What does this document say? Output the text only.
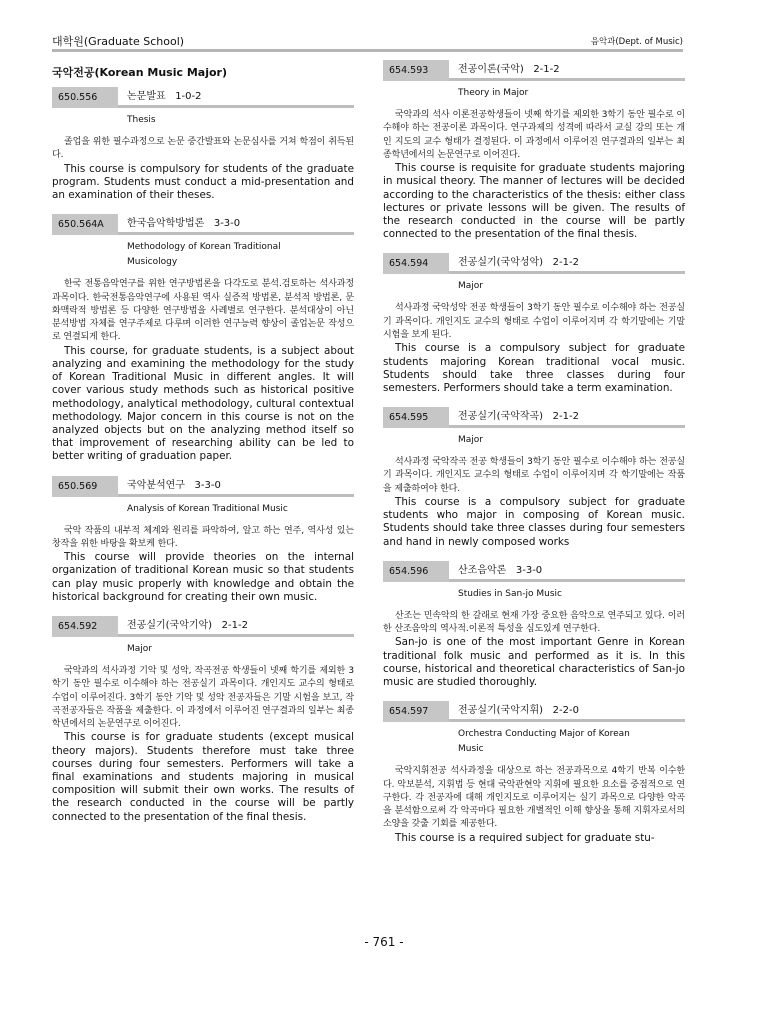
대학원(Graduate School)	음악과(Dept. of Music)
국악전공(Korean Music Major)
650.556	논문발표 1-0-2
Thesis
졸업을 위한 필수과정으로 논문 중간발표와 논문심사를 거쳐 학점이 취득된다.
This course is compulsory for students of the graduate program. Students must conduct a mid-presentation and an examination of their theses.
650.564A	한국음악학방법론 3-3-0
Methodology of Korean Traditional Musicology
한국 전통음악연구를 위한 연구방법론을 다각도로 분석․검토하는 석사과정 과목이다. 한국전통음악연구에 사용된 역사 실증적 방법론, 분석적 방법론, 문화맥락적 방법론 등 다양한 연구방법을 사례별로 연구한다. 분석대상이 아닌 분석방법 자체를 연구주제로 다루며 이러한 연구능력 향상이 졸업논문 작성으로 연결되게 한다.
This course, for graduate students, is a subject about analyzing and examining the methodology for the study of Korean Traditional Music in different angles. It will cover various study methods such as historical positive methodology, analytical methodology, cultural contextual methodology. Major concern in this course is not on the analyzed objects but on the analyzing method itself so that improvement of researching ability can be led to better writing of graduation paper.
650.569	국악분석연구 3-3-0
Analysis of Korean Traditional Music
국악 작품의 내부적 체계와 원리를 파악하여, 알고 하는 연주, 역사성 있는 창작을 위한 바탕을 확보케 한다.
This course will provide theories on the internal organization of traditional Korean music so that students can play music properly with knowledge and obtain the historical background for creating their own music.
654.592	전공실기(국악기악) 2-1-2
Major
국악과의 석사과정 기악 및 성악, 작곡전공 학생들이 넷째 학기를 제외한 3학기 동안 필수로 이수해야 하는 전공실기 과목이다. 개인지도 교수의 형태로 수업이 이루어진다. 3학기 동안 기악 및 성악 전공자들은 기말 시험을 보고, 작곡전공자들은 작품을 제출한다. 이 과정에서 이루어진 연구결과의 일부는 최종학년에서의 논문연구로 이어진다.
This course is for graduate students (except musical theory majors). Students therefore must take three courses during four semesters. Performers will take a final examinations and students majoring in musical composition will submit their own works. The results of the research conducted in the course will be partly connected to the presentation of the final thesis.
654.593	전공이론(국악) 2-1-2
Theory in Major
국악과의 석사 이론전공학생들이 넷째 학기를 제외한 3학기 동안 필수로 이수해야 하는 전공이론 과목이다. 연구과제의 성격에 따라서 교실 강의 또는 개인 지도의 교수 형태가 결정된다. 이 과정에서 이루어진 연구결과의 일부는 최종학년에서의 논문연구로 이어진다.
This course is requisite for graduate students majoring in musical theory. The manner of lectures will be decided according to the characteristics of the thesis: either class lectures or private lessons will be given. The results of the research conducted in the course will be partly connected to the presentation of the final thesis.
654.594	전공실기(국악성악) 2-1-2
Major
석사과정 국악성악 전공 학생들이 3학기 동안 필수로 이수해야 하는 전공실기 과목이다. 개인지도 교수의 형태로 수업이 이루어지며 각 학기말에는 기말시험을 보게 된다.
This course is a compulsory subject for graduate students majoring Korean traditional vocal music. Students should take three classes during four semesters. Performers should take a term examination.
654.595	전공실기(국악작곡) 2-1-2
Major
석사과정 국악작곡 전공 학생들이 3학기 동안 필수로 이수해야 하는 전공실기 과목이다. 개인지도 교수의 형태로 수업이 이루어지며 각 학기말에는 작품을 제출하여야 한다.
This course is a compulsory subject for graduate students who major in composing of Korean music. Students should take three classes during four semesters and hand in newly composed works
654.596	산조음악론 3-3-0
Studies in San-jo Music
산조는 민속악의 한 갈래로 현재 가장 중요한 음악으로 연주되고 있다. 이러한 산조음악의 역사적․이론적 특성을 심도있게 연구한다.
San-jo is one of the most important Genre in Korean traditional folk music and performed as it is. In this course, historical and theoretical characteristics of San-jo music are studied thoroughly.
654.597	전공실기(국악지휘) 2-2-0
Orchestra Conducting Major of Korean Music
국악지휘전공 석사과정을 대상으로 하는 전공과목으로 4학기 반복 이수한다. 악보분석, 지휘법 등 현대 국악관현악 지휘에 필요한 요소를 중점적으로 연구한다. 각 전공자에 대해 개인지도로 이루어지는 실기 과목으로 다양한 악곡을 분석함으로써 각 악곡마다 필요한 개별적인 이해 향상을 통해 지휘자로서의 소양을 갖출 기회를 제공한다.
This course is a required subject for graduate stu-
- 761 -
